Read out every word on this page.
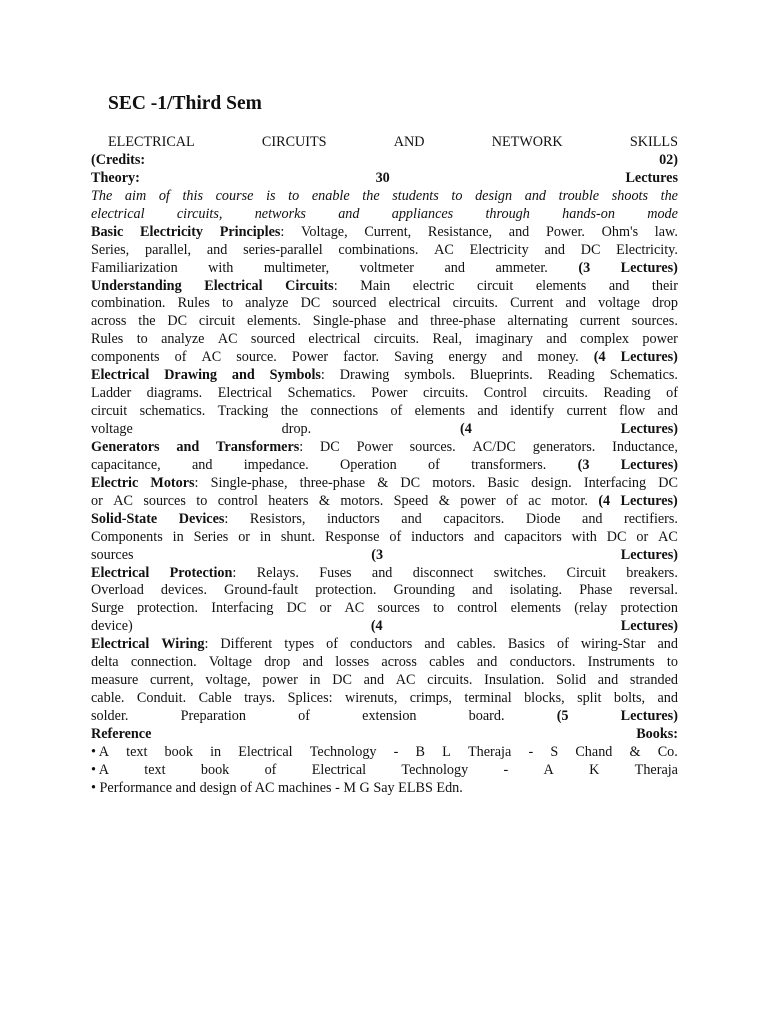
SEC -1/Third Sem
ELECTRICAL	CIRCUITS	AND	NETWORK	SKILLS
(Credits:	02)
Theory:	30	Lectures
The aim of this course is to enable the students to design and trouble shoots the
electrical circuits, networks and appliances through hands-on mode
Basic Electricity Principles: Voltage, Current, Resistance, and Power. Ohm's law.
Series, parallel, and series-parallel combinations. AC Electricity and DC Electricity.
Familiarization with multimeter, voltmeter and ammeter. (3 Lectures)
Understanding Electrical Circuits: Main electric circuit elements and their
combination. Rules to analyze DC sourced electrical circuits. Current and voltage drop
across the DC circuit elements. Single-phase and three-phase alternating current sources.
Rules to analyze AC sourced electrical circuits. Real, imaginary and complex power
components of AC source. Power factor. Saving energy and money. (4 Lectures)
Electrical Drawing and Symbols: Drawing symbols. Blueprints. Reading Schematics.
Ladder diagrams. Electrical Schematics. Power circuits. Control circuits. Reading of
circuit schematics. Tracking the connections of elements and identify current flow and
voltage	drop.	(4	Lectures)
Generators and Transformers: DC Power sources. AC/DC generators. Inductance,
capacitance, and impedance. Operation of transformers. (3 Lectures)
Electric Motors: Single-phase, three-phase & DC motors. Basic design. Interfacing DC
or AC sources to control heaters & motors. Speed & power of ac motor. (4 Lectures)
Solid-State Devices: Resistors, inductors and capacitors. Diode and rectifiers.
Components in Series or in shunt. Response of inductors and capacitors with DC or AC
sources	(3	Lectures)
Electrical Protection: Relays. Fuses and disconnect switches. Circuit breakers.
Overload devices. Ground-fault protection. Grounding and isolating. Phase reversal.
Surge protection. Interfacing DC or AC sources to control elements (relay protection
device)	(4	Lectures)
Electrical Wiring: Different types of conductors and cables. Basics of wiring-Star and
delta connection. Voltage drop and losses across cables and conductors. Instruments to
measure current, voltage, power in DC and AC circuits. Insulation. Solid and stranded
cable. Conduit. Cable trays. Splices: wirenuts, crimps, terminal blocks, split bolts, and
solder.	Preparation	of	extension	board.	(5	Lectures)
Reference	Books:
• A text book in Electrical Technology - B L Theraja - S Chand & Co.
• A text book of Electrical Technology - A K Theraja
• Performance and design of AC machines - M G Say ELBS Edn.
